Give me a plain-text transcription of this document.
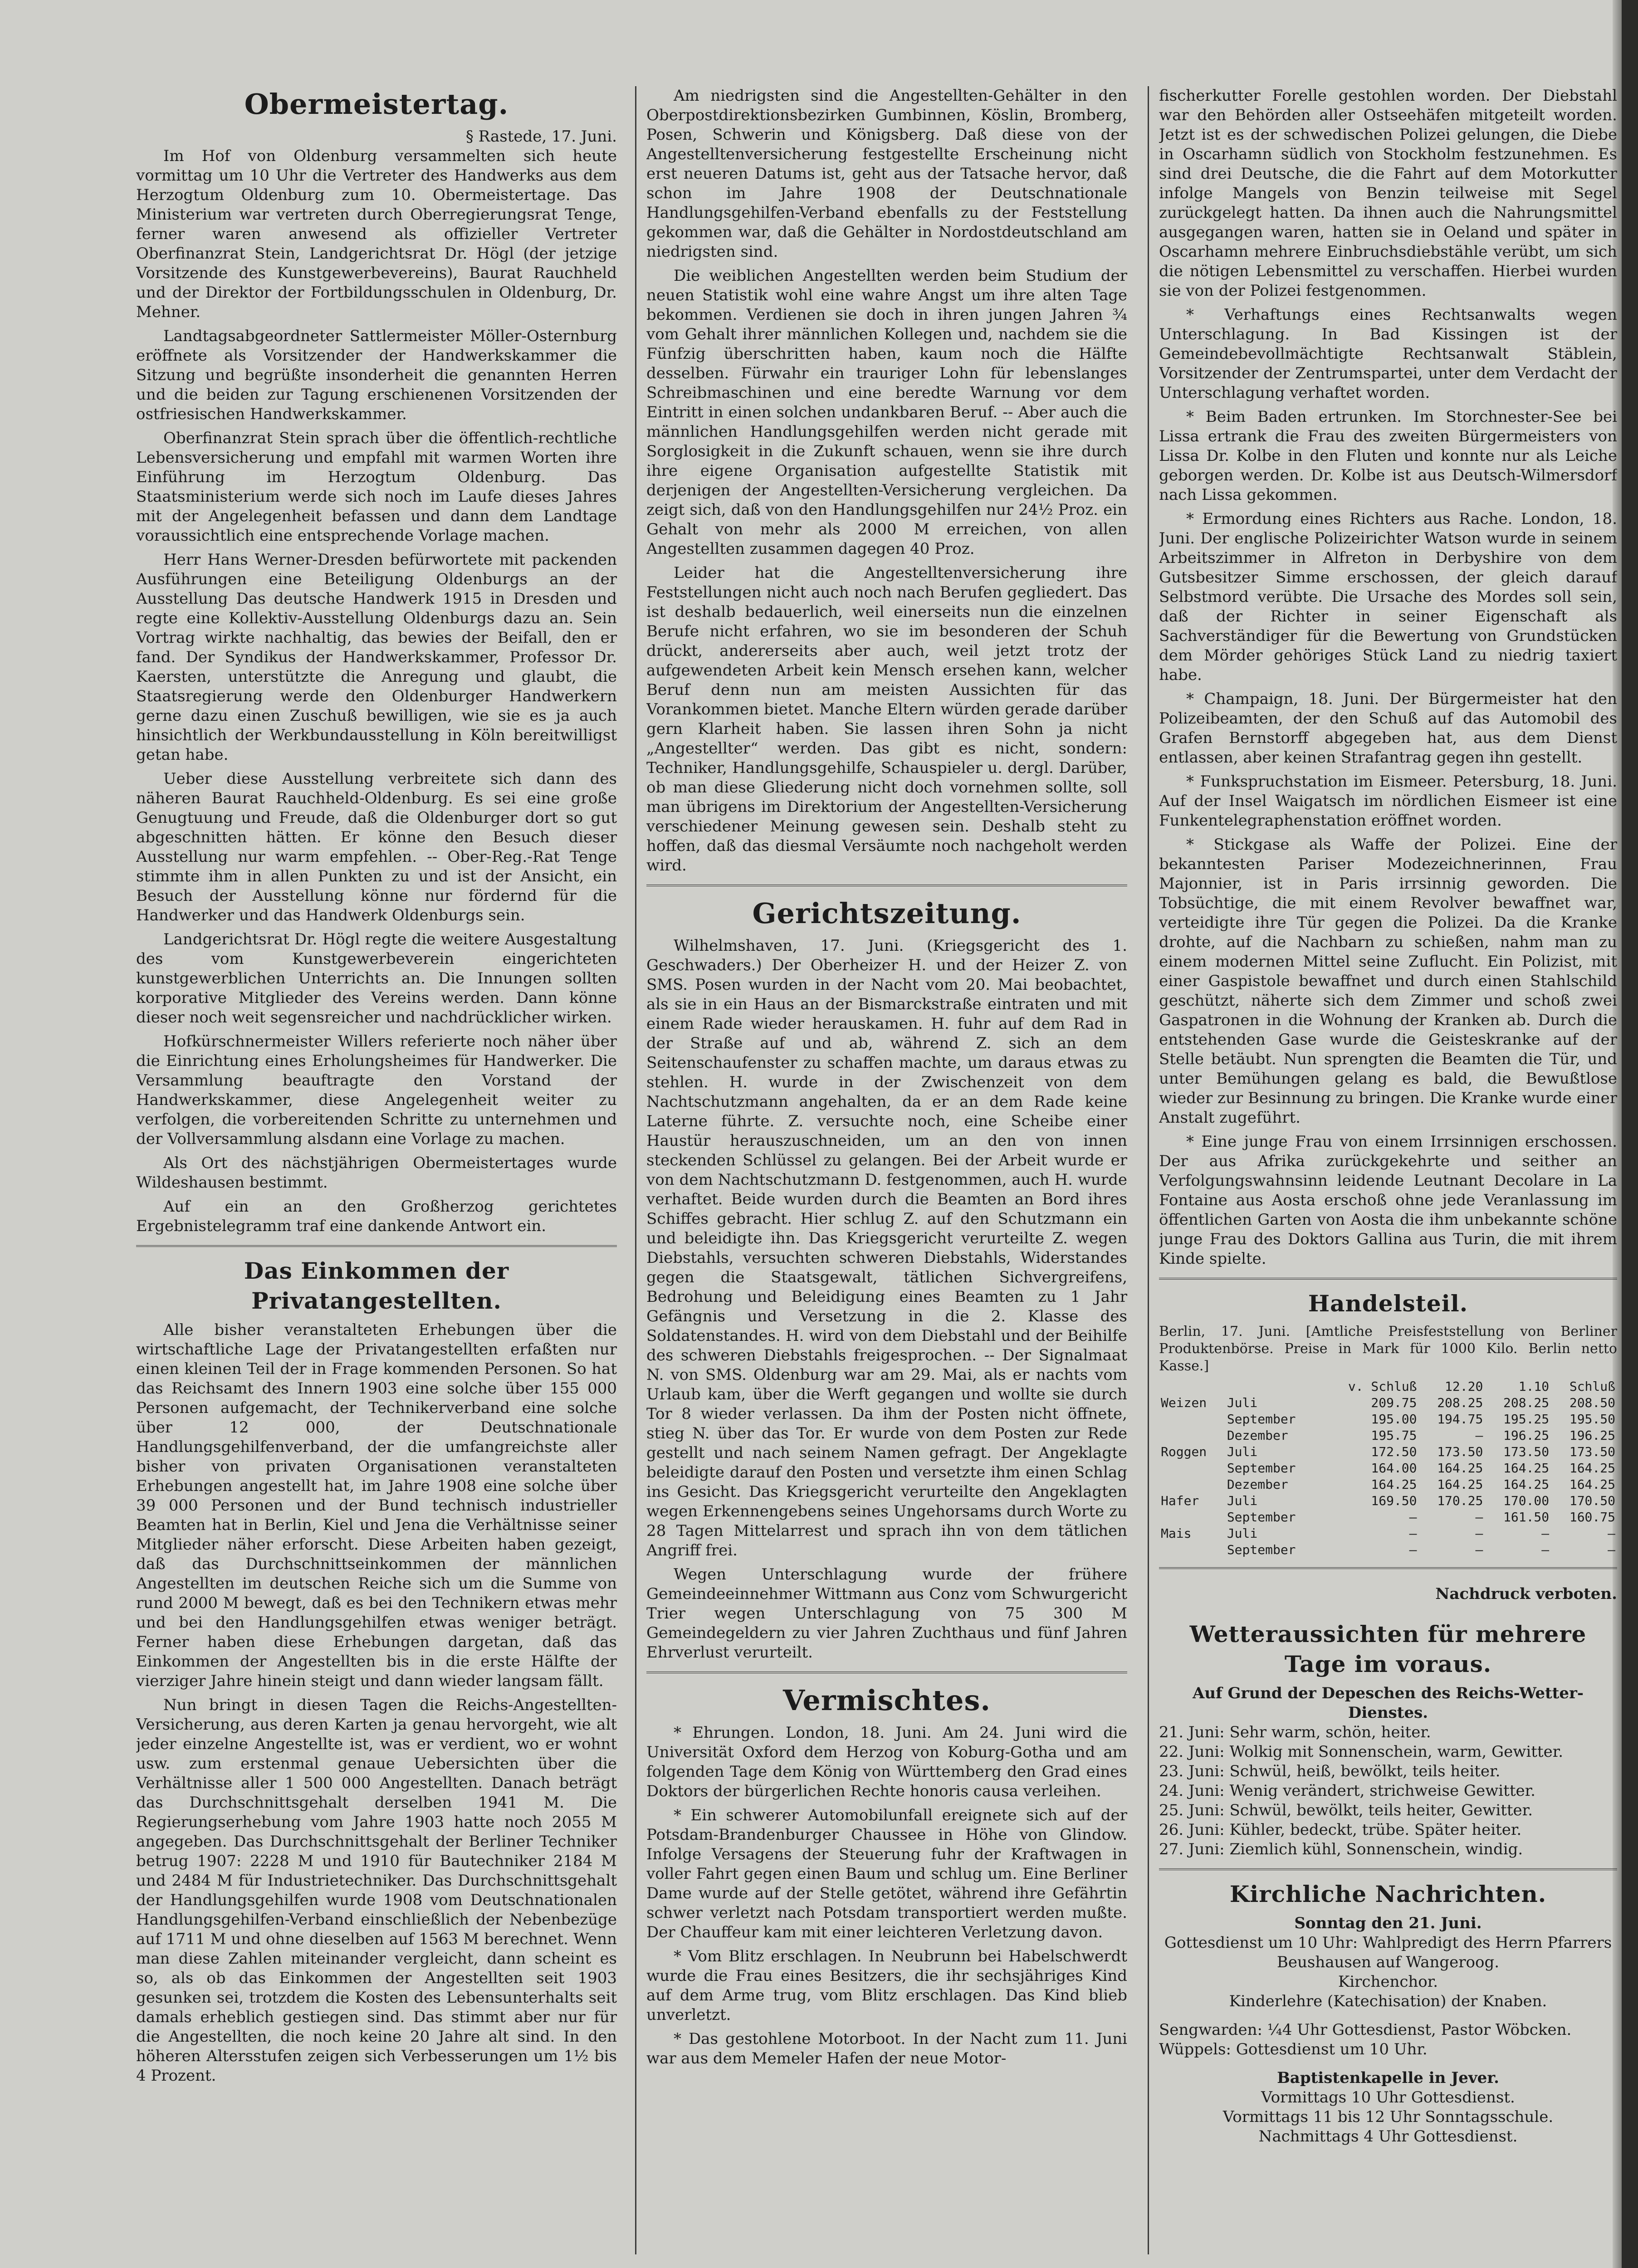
Obermeistertag.

§ Rastede, 17. Juni.

Im Hof von Oldenburg versammelten sich heute vormittag um 10 Uhr die Vertreter des Handwerks aus dem Herzogtum Oldenburg zum 10. Obermeistertage. Das Ministerium war vertreten durch Oberregierungsrat Tenge, ferner waren anwesend als offizieller Vertreter Oberfinanzrat Stein, Landgerichtsrat Dr. Högl (der jetzige Vorsitzende des Kunstgewerbevereins), Baurat Rauchheld und der Direktor der Fortbildungsschulen in Oldenburg, Dr. Mehner.

Landtagsabgeordneter Sattlermeister Möller-Osternburg eröffnete als Vorsitzender der Handwerkskammer die Sitzung und begrüßte insonderheit die genannten Herren und die beiden zur Tagung erschienenen Vorsitzenden der ostfriesischen Handwerkskammer.

Oberfinanzrat Stein sprach über die öffentlich-rechtliche Lebensversicherung und empfahl mit warmen Worten ihre Einführung im Herzogtum Oldenburg. Das Staatsministerium werde sich noch im Laufe dieses Jahres mit der Angelegenheit befassen und dann dem Landtage voraussichtlich eine entsprechende Vorlage machen.

Herr Hans Werner-Dresden befürwortete mit packenden Ausführungen eine Beteiligung Oldenburgs an der Ausstellung Das deutsche Handwerk 1915 in Dresden und regte eine Kollektiv-Ausstellung Oldenburgs dazu an. Sein Vortrag wirkte nachhaltig, das bewies der Beifall, den er fand. Der Syndikus der Handwerkskammer, Professor Dr. Kaersten, unterstützte die Anregung und glaubt, die Staatsregierung werde den Oldenburger Handwerkern gerne dazu einen Zuschuß bewilligen, wie sie es ja auch hinsichtlich der Werkbundausstellung in Köln bereitwilligst getan habe.

Ueber diese Ausstellung verbreitete sich dann des näheren Baurat Rauchheld-Oldenburg. Es sei eine große Genugtuung und Freude, daß die Oldenburger dort so gut abgeschnitten hätten. Er könne den Besuch dieser Ausstellung nur warm empfehlen. -- Ober-Reg.-Rat Tenge stimmte ihm in allen Punkten zu und ist der Ansicht, ein Besuch der Ausstellung könne nur fördernd für die Handwerker und das Handwerk Oldenburgs sein.

Landgerichtsrat Dr. Högl regte die weitere Ausgestaltung des vom Kunstgewerbeverein eingerichteten kunstgewerblichen Unterrichts an. Die Innungen sollten korporative Mitglieder des Vereins werden. Dann könne dieser noch weit segensreicher und nachdrücklicher wirken.

Hofkürschnermeister Willers referierte noch näher über die Einrichtung eines Erholungsheimes für Handwerker. Die Versammlung beauftragte den Vorstand der Handwerkskammer, diese Angelegenheit weiter zu verfolgen, die vorbereitenden Schritte zu unternehmen und der Vollversammlung alsdann eine Vorlage zu machen.

Als Ort des nächstjährigen Obermeistertages wurde Wildeshausen bestimmt.

Auf ein an den Großherzog gerichtetes Ergebnistelegramm traf eine dankende Antwort ein.

Das Einkommen der Privatangestellten.

Alle bisher veranstalteten Erhebungen über die wirtschaftliche Lage der Privatangestellten erfaßten nur einen kleinen Teil der in Frage kommenden Personen. So hat das Reichsamt des Innern 1903 eine solche über 155 000 Personen aufgemacht, der Technikerverband eine solche über 12 000, der Deutschnationale Handlungsgehilfenverband, der die umfangreichste aller bisher von privaten Organisationen veranstalteten Erhebungen angestellt hat, im Jahre 1908 eine solche über 39 000 Personen und der Bund technisch industrieller Beamten hat in Berlin, Kiel und Jena die Verhältnisse seiner Mitglieder näher erforscht. Diese Arbeiten haben gezeigt, daß das Durchschnittseinkommen der männlichen Angestellten im deutschen Reiche sich um die Summe von rund 2000 M bewegt, daß es bei den Technikern etwas mehr und bei den Handlungsgehilfen etwas weniger beträgt. Ferner haben diese Erhebungen dargetan, daß das Einkommen der Angestellten bis in die erste Hälfte der vierziger Jahre hinein steigt und dann wieder langsam fällt.

Nun bringt in diesen Tagen die Reichs-Angestellten-Versicherung, aus deren Karten ja genau hervorgeht, wie alt jeder einzelne Angestellte ist, was er verdient, wo er wohnt usw. zum erstenmal genaue Uebersichten über die Verhältnisse aller 1 500 000 Angestellten. Danach beträgt das Durchschnittsgehalt derselben 1941 M. Die Regierungserhebung vom Jahre 1903 hatte noch 2055 M angegeben. Das Durchschnittsgehalt der Berliner Techniker betrug 1907: 2228 M und 1910 für Bautechniker 2184 M und 2484 M für Industrietechniker. Das Durchschnittsgehalt der Handlungsgehilfen wurde 1908 vom Deutschnationalen Handlungsgehilfen-Verband einschließlich der Nebenbezüge auf 1711 M und ohne dieselben auf 1563 M berechnet. Wenn man diese Zahlen miteinander vergleicht, dann scheint es so, als ob das Einkommen der Angestellten seit 1903 gesunken sei, trotzdem die Kosten des Lebensunterhalts seit damals erheblich gestiegen sind. Das stimmt aber nur für die Angestellten, die noch keine 20 Jahre alt sind. In den höheren Altersstufen zeigen sich Verbesserungen um 1½ bis 4 Prozent.

Am niedrigsten sind die Angestellten-Gehälter in den Oberpostdirektionsbezirken Gumbinnen, Köslin, Bromberg, Posen, Schwerin und Königsberg. Daß diese von der Angestelltenversicherung festgestellte Erscheinung nicht erst neueren Datums ist, geht aus der Tatsache hervor, daß schon im Jahre 1908 der Deutschnationale Handlungsgehilfen-Verband ebenfalls zu der Feststellung gekommen war, daß die Gehälter in Nordostdeutschland am niedrigsten sind.

Die weiblichen Angestellten werden beim Studium der neuen Statistik wohl eine wahre Angst um ihre alten Tage bekommen. Verdienen sie doch in ihren jungen Jahren ¾ vom Gehalt ihrer männlichen Kollegen und, nachdem sie die Fünfzig überschritten haben, kaum noch die Hälfte desselben. Fürwahr ein trauriger Lohn für lebenslanges Schreibmaschinen und eine beredte Warnung vor dem Eintritt in einen solchen undankbaren Beruf. -- Aber auch die männlichen Handlungsgehilfen werden nicht gerade mit Sorglosigkeit in die Zukunft schauen, wenn sie ihre durch ihre eigene Organisation aufgestellte Statistik mit derjenigen der Angestellten-Versicherung vergleichen. Da zeigt sich, daß von den Handlungsgehilfen nur 24½ Proz. ein Gehalt von mehr als 2000 M erreichen, von allen Angestellten zusammen dagegen 40 Proz.

Leider hat die Angestelltenversicherung ihre Feststellungen nicht auch noch nach Berufen gegliedert. Das ist deshalb bedauerlich, weil einerseits nun die einzelnen Berufe nicht erfahren, wo sie im besonderen der Schuh drückt, andererseits aber auch, weil jetzt trotz der aufgewendeten Arbeit kein Mensch ersehen kann, welcher Beruf denn nun am meisten Aussichten für das Vorankommen bietet. Manche Eltern würden gerade darüber gern Klarheit haben. Sie lassen ihren Sohn ja nicht „Angestellter“ werden. Das gibt es nicht, sondern: Techniker, Handlungsgehilfe, Schauspieler u. dergl. Darüber, ob man diese Gliederung nicht doch vornehmen sollte, soll man übrigens im Direktorium der Angestellten-Versicherung verschiedener Meinung gewesen sein. Deshalb steht zu hoffen, daß das diesmal Versäumte noch nachgeholt werden wird.

Gerichtszeitung.

Wilhelmshaven, 17. Juni. (Kriegsgericht des 1. Geschwaders.) Der Oberheizer H. und der Heizer Z. von SMS. Posen wurden in der Nacht vom 20. Mai beobachtet, als sie in ein Haus an der Bismarckstraße eintraten und mit einem Rade wieder herauskamen. H. fuhr auf dem Rad in der Straße auf und ab, während Z. sich an dem Seitenschaufenster zu schaffen machte, um daraus etwas zu stehlen. H. wurde in der Zwischenzeit von dem Nachtschutzmann angehalten, da er an dem Rade keine Laterne führte. Z. versuchte noch, eine Scheibe einer Haustür herauszuschneiden, um an den von innen steckenden Schlüssel zu gelangen. Bei der Arbeit wurde er von dem Nachtschutzmann D. festgenommen, auch H. wurde verhaftet. Beide wurden durch die Beamten an Bord ihres Schiffes gebracht. Hier schlug Z. auf den Schutzmann ein und beleidigte ihn. Das Kriegsgericht verurteilte Z. wegen Diebstahls, versuchten schweren Diebstahls, Widerstandes gegen die Staatsgewalt, tätlichen Sichvergreifens, Bedrohung und Beleidigung eines Beamten zu 1 Jahr Gefängnis und Versetzung in die 2. Klasse des Soldatenstandes. H. wird von dem Diebstahl und der Beihilfe des schweren Diebstahls freigesprochen. -- Der Signalmaat N. von SMS. Oldenburg war am 29. Mai, als er nachts vom Urlaub kam, über die Werft gegangen und wollte sie durch Tor 8 wieder verlassen. Da ihm der Posten nicht öffnete, stieg N. über das Tor. Er wurde von dem Posten zur Rede gestellt und nach seinem Namen gefragt. Der Angeklagte beleidigte darauf den Posten und versetzte ihm einen Schlag ins Gesicht. Das Kriegsgericht verurteilte den Angeklagten wegen Erkennengebens seines Ungehorsams durch Worte zu 28 Tagen Mittelarrest und sprach ihn von dem tätlichen Angriff frei.

Wegen Unterschlagung wurde der frühere Gemeindeeinnehmer Wittmann aus Conz vom Schwurgericht Trier wegen Unterschlagung von 75 300 M Gemeindegeldern zu vier Jahren Zuchthaus und fünf Jahren Ehrverlust verurteilt.

Vermischtes.

* Ehrungen. London, 18. Juni. Am 24. Juni wird die Universität Oxford dem Herzog von Koburg-Gotha und am folgenden Tage dem König von Württemberg den Grad eines Doktors der bürgerlichen Rechte honoris causa verleihen.

* Ein schwerer Automobilunfall ereignete sich auf der Potsdam-Brandenburger Chaussee in Höhe von Glindow. Infolge Versagens der Steuerung fuhr der Kraftwagen in voller Fahrt gegen einen Baum und schlug um. Eine Berliner Dame wurde auf der Stelle getötet, während ihre Gefährtin schwer verletzt nach Potsdam transportiert werden mußte. Der Chauffeur kam mit einer leichteren Verletzung davon.

* Vom Blitz erschlagen. In Neubrunn bei Habelschwerdt wurde die Frau eines Besitzers, die ihr sechsjähriges Kind auf dem Arme trug, vom Blitz erschlagen. Das Kind blieb unverletzt.

* Das gestohlene Motorboot. In der Nacht zum 11. Juni war aus dem Memeler Hafen der neue Motor-

fischerkutter Forelle gestohlen worden. Der Diebstahl war den Behörden aller Ostseehäfen mitgeteilt worden. Jetzt ist es der schwedischen Polizei gelungen, die Diebe in Oscarhamn südlich von Stockholm festzunehmen. Es sind drei Deutsche, die die Fahrt auf dem Motorkutter infolge Mangels von Benzin teilweise mit Segel zurückgelegt hatten. Da ihnen auch die Nahrungsmittel ausgegangen waren, hatten sie in Oeland und später in Oscarhamn mehrere Einbruchsdiebstähle verübt, um sich die nötigen Lebensmittel zu verschaffen. Hierbei wurden sie von der Polizei festgenommen.

* Verhaftungs eines Rechtsanwalts wegen Unterschlagung. In Bad Kissingen ist der Gemeindebevollmächtigte Rechtsanwalt Stäblein, Vorsitzender der Zentrumspartei, unter dem Verdacht der Unterschlagung verhaftet worden.

* Beim Baden ertrunken. Im Storchnester-See bei Lissa ertrank die Frau des zweiten Bürgermeisters von Lissa Dr. Kolbe in den Fluten und konnte nur als Leiche geborgen werden. Dr. Kolbe ist aus Deutsch-Wilmersdorf nach Lissa gekommen.

* Ermordung eines Richters aus Rache. London, 18. Juni. Der englische Polizeirichter Watson wurde in seinem Arbeitszimmer in Alfreton in Derbyshire von dem Gutsbesitzer Simme erschossen, der gleich darauf Selbstmord verübte. Die Ursache des Mordes soll sein, daß der Richter in seiner Eigenschaft als Sachverständiger für die Bewertung von Grundstücken dem Mörder gehöriges Stück Land zu niedrig taxiert habe.

* Champaign, 18. Juni. Der Bürgermeister hat den Polizeibeamten, der den Schuß auf das Automobil des Grafen Bernstorff abgegeben hat, aus dem Dienst entlassen, aber keinen Strafantrag gegen ihn gestellt.

* Funkspruchstation im Eismeer. Petersburg, 18. Juni. Auf der Insel Waigatsch im nördlichen Eismeer ist eine Funkentelegraphenstation eröffnet worden.

* Stickgase als Waffe der Polizei. Eine der bekanntesten Pariser Modezeichnerinnen, Frau Majonnier, ist in Paris irrsinnig geworden. Die Tobsüchtige, die mit einem Revolver bewaffnet war, verteidigte ihre Tür gegen die Polizei. Da die Kranke drohte, auf die Nachbarn zu schießen, nahm man zu einem modernen Mittel seine Zuflucht. Ein Polizist, mit einer Gaspistole bewaffnet und durch einen Stahlschild geschützt, näherte sich dem Zimmer und schoß zwei Gaspatronen in die Wohnung der Kranken ab. Durch die entstehenden Gase wurde die Geisteskranke auf der Stelle betäubt. Nun sprengten die Beamten die Tür, und unter Bemühungen gelang es bald, die Bewußtlose wieder zur Besinnung zu bringen. Die Kranke wurde einer Anstalt zugeführt.

* Eine junge Frau von einem Irrsinnigen erschossen. Der aus Afrika zurückgekehrte und seither an Verfolgungswahnsinn leidende Leutnant Decolare in La Fontaine aus Aosta erschoß ohne jede Veranlassung im öffentlichen Garten von Aosta die ihm unbekannte schöne junge Frau des Doktors Gallina aus Turin, die mit ihrem Kinde spielte.

Handelsteil.

Berlin, 17. Juni. [Amtliche Preisfeststellung von Berliner Produktenbörse. Preise in Mark für 1000 Kilo. Berlin netto Kasse.]

		v. Schluß	12.20	1.10	Schluß
Weizen	Juli	209.75	208.25	208.25	208.50
	September	195.00	194.75	195.25	195.50
	Dezember	195.75	—	196.25	196.25
Roggen	Juli	172.50	173.50	173.50	173.50
	September	164.00	164.25	164.25	164.25
	Dezember	164.25	164.25	164.25	164.25
Hafer	Juli	169.50	170.25	170.00	170.50
	September	—	—	161.50	160.75
Mais	Juli	—	—	—	—
	September	—	—	—	—

Nachdruck verboten.

Wetteraussichten für mehrere Tage im voraus.

Auf Grund der Depeschen des Reichs-Wetter-Dienstes.

21. Juni: Sehr warm, schön, heiter.

22. Juni: Wolkig mit Sonnenschein, warm, Gewitter.

23. Juni: Schwül, heiß, bewölkt, teils heiter.

24. Juni: Wenig verändert, strichweise Gewitter.

25. Juni: Schwül, bewölkt, teils heiter, Gewitter.

26. Juni: Kühler, bedeckt, trübe. Später heiter.

27. Juni: Ziemlich kühl, Sonnenschein, windig.

Kirchliche Nachrichten.

Sonntag den 21. Juni.

Gottesdienst um 10 Uhr: Wahlpredigt des Herrn Pfarrers Beushausen auf Wangeroog.

Kirchenchor.

Kinderlehre (Katechisation) der Knaben.

Sengwarden: ¼4 Uhr Gottesdienst, Pastor Wöbcken.

Wüppels: Gottesdienst um 10 Uhr.

Baptistenkapelle in Jever.

Vormittags 10 Uhr Gottesdienst.

Vormittags 11 bis 12 Uhr Sonntagsschule.

Nachmittags 4 Uhr Gottesdienst.
